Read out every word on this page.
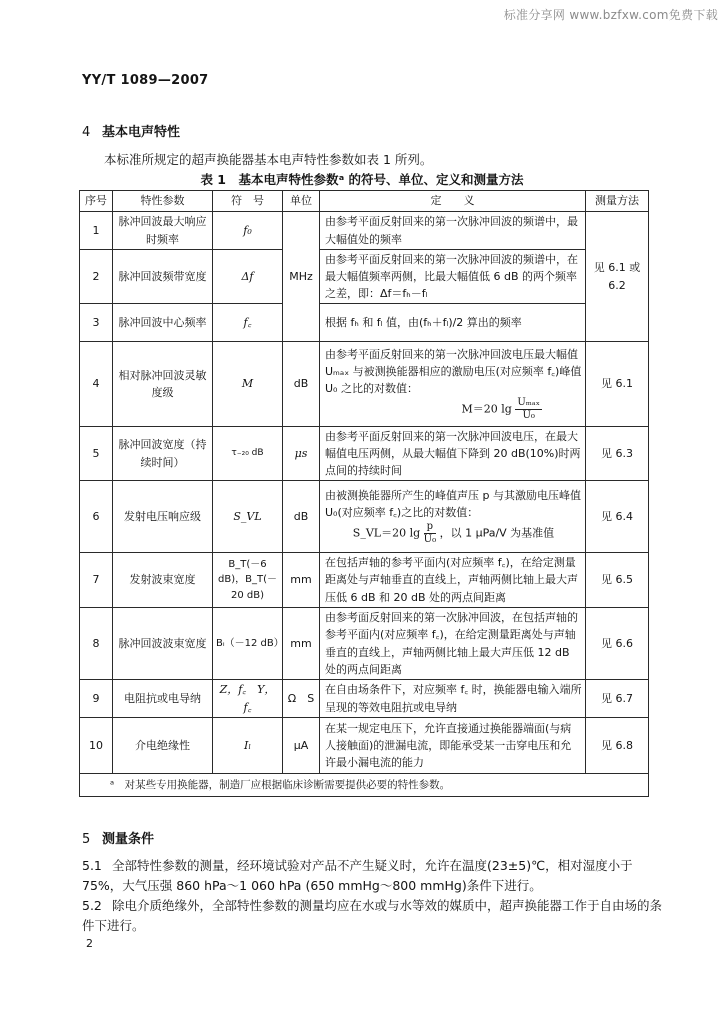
标准分享网 www.bzfxw.com免费下载
YY/T 1089—2007
4 基本电声特性
本标准所规定的超声换能器基本电声特性参数如表 1 所列。
表 1　基本电声特性参数ᵃ 的符号、单位、定义和测量方法
序号	特性参数	符　号	单位	定　　义	测量方法
1	脉冲回波最大响应时频率	f₀	MHz	由参考平面反射回来的第一次脉冲回波的频谱中，最大幅值处的频率	见 6.1 或 6.2
2	脉冲回波频带宽度	Δf		由参考平面反射回来的第一次脉冲回波的频谱中，在最大幅值频率两侧，比最大幅值低 6 dB 的两个频率之差，即：Δf＝fₕ－fₗ	
3	脉冲回波中心频率	f꜀		根据 fₕ 和 fₗ 值，由(fₕ＋fₗ)/2 算出的频率	
4	相对脉冲回波灵敏度级	M	dB	由参考平面反射回来的第一次脉冲回波电压最大幅值 Uₘₐₓ 与被测换能器相应的激励电压(对应频率 f꜀)峰值 U₀ 之比的对数值：
M＝20 lg Uₘₐₓ
U₀	见 6.1
5	脉冲回波宽度（持续时间）	τ₋₂₀ dB	μs	由参考平面反射回来的第一次脉冲回波电压，在最大幅值电压两侧，从最大幅值下降到 20 dB(10%)时两点间的持续时间	见 6.3
6	发射电压响应级	S_VL	dB	由被测换能器所产生的峰值声压 p 与其激励电压峰值 U₀(对应频率 f꜀)之比的对数值：
S_VL＝20 $\lg \frac{p}{\text{U₀}}$ ，以 1 μPa/V 为基准值	见 6.4
7	发射波束宽度	B_T(－6 dB)，B_T(－20 dB)	mm	在包括声轴的参考平面内(对应频率 f꜀)，在给定测量距离处与声轴垂直的直线上，声轴两侧比轴上最大声压低 6 dB 和 20 dB 处的两点间距离	见 6.5
8	脉冲回波波束宽度	Bᵢ（－12 dB）	mm	由参考面反射回来的第一次脉冲回波，在包括声轴的参考平面内(对应频率 f꜀)，在给定测量距离处与声轴垂直的直线上，声轴两侧比轴上最大声压低 12 dB 处的两点间距离	见 6.6
9	电阻抗或电导纳	Z，f꜀　Y，f꜀	Ω　S	在自由场条件下，对应频率 f꜀ 时，换能器电输入端所呈现的等效电阻抗或电导纳	见 6.7
10	介电绝缘性	Iₗ	μA	在某一规定电压下，允许直接通过换能器端面(与病人接触面)的泄漏电流，即能承受某一击穿电压和允许最小漏电流的能力	见 6.8
ᵃ　对某些专用换能器，制造厂应根据临床诊断需要提供必要的特性参数。					
5 测量条件
5.1 全部特性参数的测量，经环境试验对产品不产生疑义时，允许在温度(23±5)℃，相对湿度小于 75%，大气压强 860 hPa～1 060 hPa (650 mmHg～800 mmHg)条件下进行。
5.2 除电介质绝缘外，全部特性参数的测量均应在水或与水等效的媒质中，超声换能器工作于自由场的条件下进行。
2
